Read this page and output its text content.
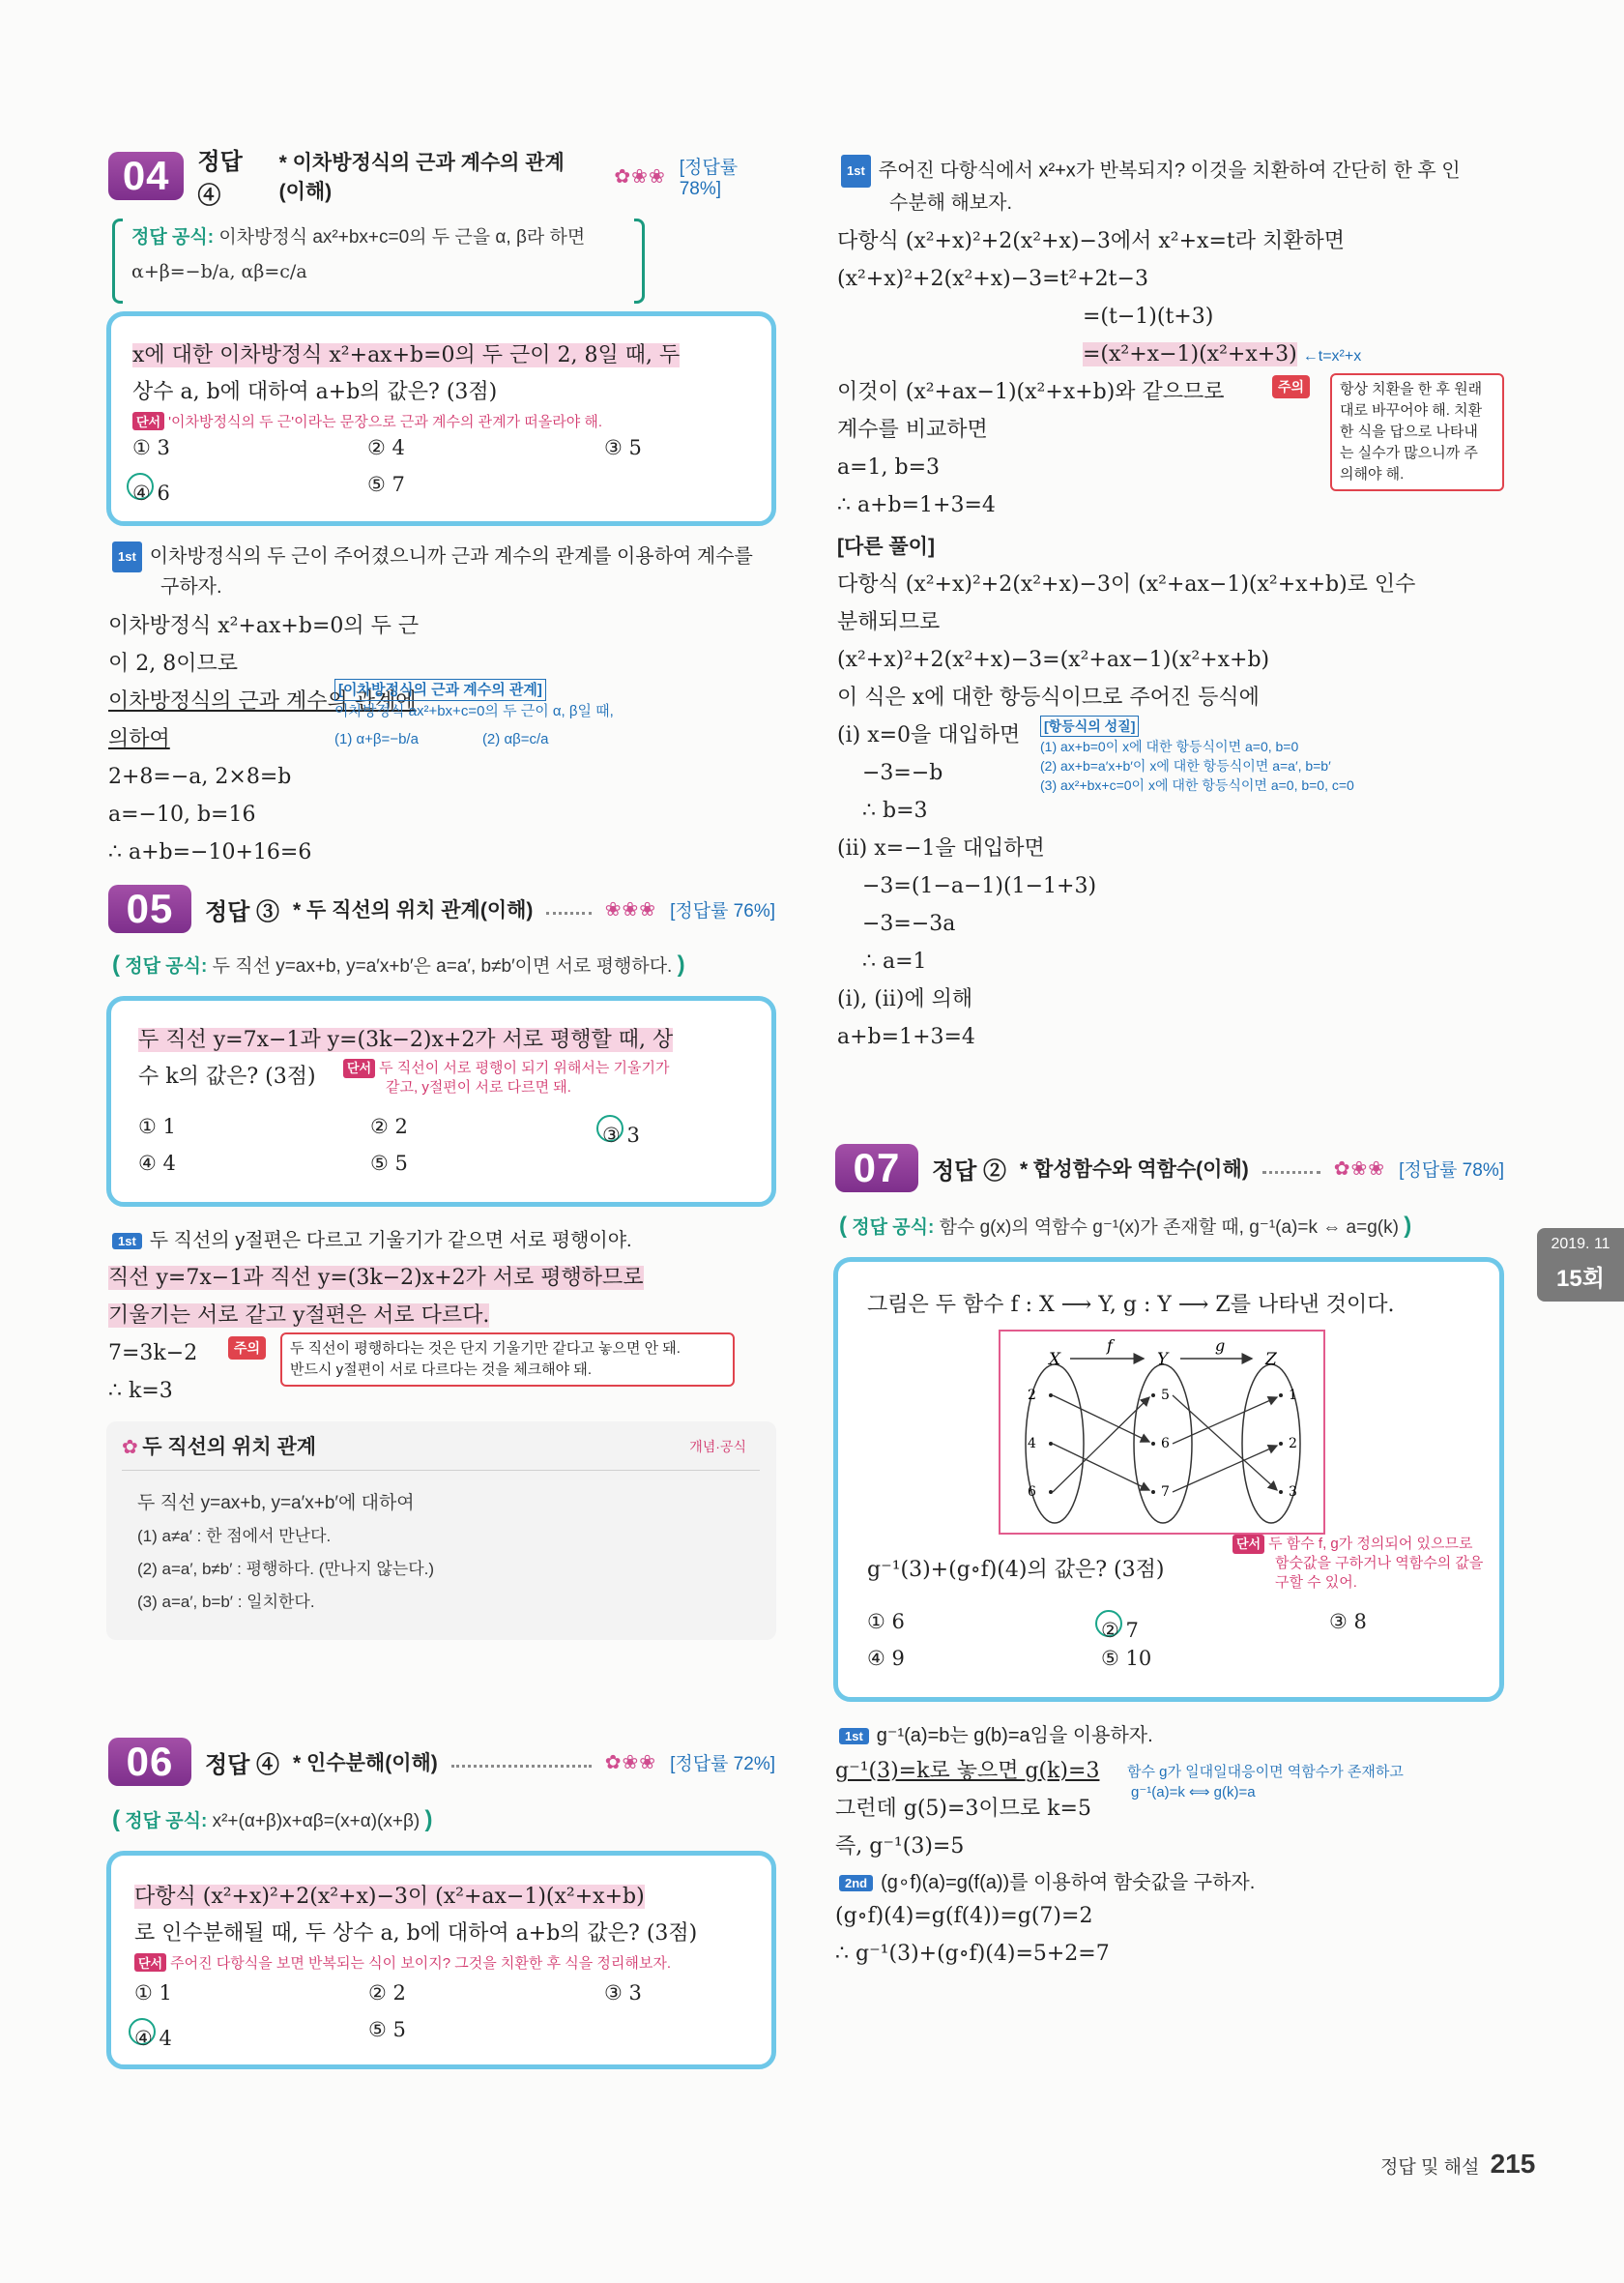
04	정답 ④
* 이차방정식의 근과 계수의 관계(이해)
✿❀❀ [정답률 78%]
정답 공식: 이차방정식 ax²+bx+c=0의 두 근을 α, β라 하면
α+β=−b/a, αβ=c/a
x에 대한 이차방정식 x²+ax+b=0의 두 근이 2, 8일 때, 두
상수 a, b에 대하여 a+b의 값은? (3점)
단서 '이차방정식의 두 근'이라는 문장으로 근과 계수의 관계가 떠올라야 해.
① 3	② 4	③ 5
④ 6	⑤ 7
1st 이차방정식의 두 근이 주어졌으니까 근과 계수의 관계를 이용하여 계수를
구하자.
이차방정식 x²+ax+b=0의 두 근이 2, 8이므로
이차방정식의 근과 계수의 관계에 의하여
2+8=−a, 2×8=b
a=−10, b=16
∴ a+b=−10+16=6
[이차방정식의 근과 계수의 관계]
이차방정식 ax²+bx+c=0의 두 근이 α, β일 때,
(1) α+β=−b/a	(2) αβ=c/a
05	정답 ③ * 두 직선의 위치 관계(이해)	❀❀❀ [정답률 76%]
( 정답 공식: 두 직선 y=ax+b, y=a′x+b′은 a=a′, b≠b′이면 서로 평행하다. )
두 직선 y=7x−1과 y=(3k−2)x+2가 서로 평행할 때, 상
수 k의 값은? (3점)	단서 두 직선이 서로 평행이 되기 위해서는 기울기가
같고, y절편이 서로 다르면 돼.
① 1	② 2	③ 3
④ 4	⑤ 5
1st 두 직선의 y절편은 다르고 기울기가 같으면 서로 평행이야.
직선 y=7x−1과 직선 y=(3k−2)x+2가 서로 평행하므로
기울기는 서로 같고 y절편은 서로 다르다.
7=3k−2
∴ k=3
주의	두 직선이 평행하다는 것은 단지 기울기만 같다고 놓으면 안 돼.
반드시 y절편이 서로 다르다는 것을 체크해야 돼.
✿ 두 직선의 위치 관계	개념·공식
두 직선 y=ax+b, y=a′x+b′에 대하여
(1) a≠a′ : 한 점에서 만난다.
(2) a=a′, b≠b′ : 평행하다. (만나지 않는다.)
(3) a=a′, b=b′ : 일치한다.
06	정답 ④ * 인수분해(이해)	✿❀❀ [정답률 72%]
( 정답 공식: x²+(α+β)x+αβ=(x+α)(x+β) )
다항식 (x²+x)²+2(x²+x)−3이 (x²+ax−1)(x²+x+b)
로 인수분해될 때, 두 상수 a, b에 대하여 a+b의 값은? (3점)
단서 주어진 다항식을 보면 반복되는 식이 보이지? 그것을 치환한 후 식을 정리해보자.
① 1	② 2	③ 3
④ 4	⑤ 5
1st 주어진 다항식에서 x²+x가 반복되지? 이것을 치환하여 간단히 한 후 인
수분해 해보자.
다항식 (x²+x)²+2(x²+x)−3에서 x²+x=t라 치환하면
(x²+x)²+2(x²+x)−3=t²+2t−3
=(t−1)(t+3)
=(x²+x−1)(x²+x+3) ←t=x²+x
이것이 (x²+ax−1)(x²+x+b)와 같으므로
계수를 비교하면
a=1, b=3
∴ a+b=1+3=4
주의	항상 치환을 한 후 원래
대로 바꾸어야 해. 치환
한 식을 답으로 나타내
는 실수가 많으니까 주
의해야 해.
[다른 풀이]
다항식 (x²+x)²+2(x²+x)−3이 (x²+ax−1)(x²+x+b)로 인수
분해되므로
(x²+x)²+2(x²+x)−3=(x²+ax−1)(x²+x+b)
이 식은 x에 대한 항등식이므로 주어진 등식에
(i) x=0을 대입하면
−3=−b
∴ b=3
(ii) x=−1을 대입하면
−3=(1−a−1)(1−1+3)
−3=−3a
∴ a=1
(i), (ii)에 의해
a+b=1+3=4
[항등식의 성질]
(1) ax+b=0이 x에 대한 항등식이면 a=0, b=0
(2) ax+b=a′x+b′이 x에 대한 항등식이면 a=a′, b=b′
(3) ax²+bx+c=0이 x에 대한 항등식이면 a=0, b=0, c=0
07	정답 ② * 합성함수와 역함수(이해)	✿❀❀ [정답률 78%]
( 정답 공식: 함수 g(x)의 역함수 g⁻¹(x)가 존재할 때, g⁻¹(a)=k ⇔ a=g(k) )
그림은 두 함수 f : X ⟶ Y, g : Y ⟶ Z를 나타낸 것이다.
f	g
X	Y	Z
2
4
6
5
6
7
1
2
3
g⁻¹(3)+(g∘f)(4)의 값은? (3점)
단서 두 함수 f, g가 정의되어 있으므로
함숫값을 구하거나 역함수의 값을
구할 수 있어.
① 6	② 7	③ 8
④ 9	⑤ 10
1st g⁻¹(a)=b는 g(b)=a임을 이용하자.
g⁻¹(3)=k로 놓으면 g(k)=3
그런데 g(5)=3이므로 k=5
즉, g⁻¹(3)=5
함수 g가 일대일대응이면 역함수가 존재하고
g⁻¹(a)=k ⟺ g(k)=a
2nd (g∘f)(a)=g(f(a))를 이용하여 함숫값을 구하자.
(g∘f)(4)=g(f(4))=g(7)=2
∴ g⁻¹(3)+(g∘f)(4)=5+2=7
2019. 11
15회
정답 및 해설 215
